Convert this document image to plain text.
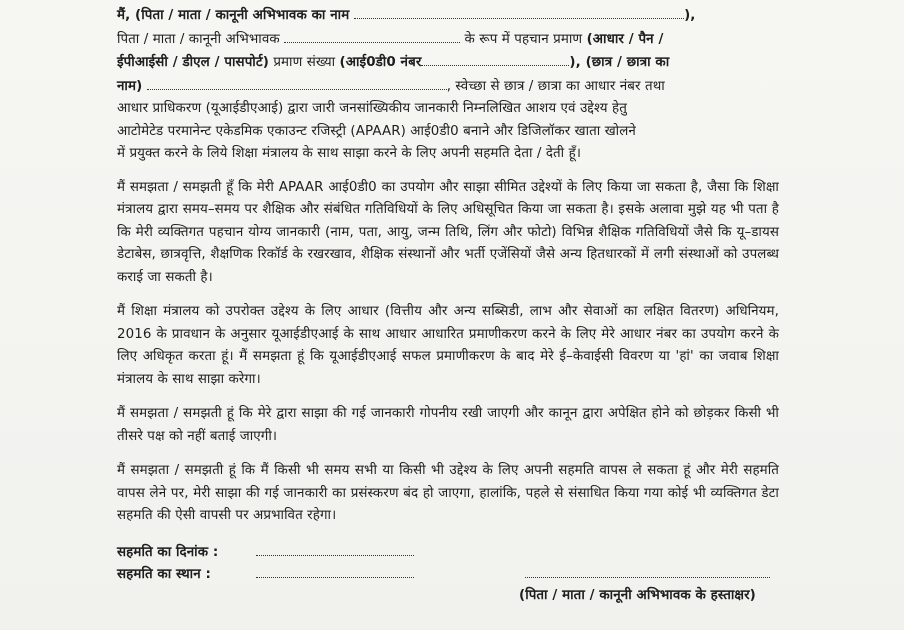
मैं, (पिता / माता / कानूनी अभिभावक का नाम	),
पिता / माता / कानूनी अभिभावक	के रूप में पहचान प्रमाण (आधार / पैन /
ईपीआईसी / डीएल / पासपोर्ट) प्रमाण संख्या (आई0डी0 नंबर	), (छात्र / छात्रा का
नाम)	, स्वेच्छा से छात्र / छात्रा का आधार नंबर तथा
आधार प्राधिकरण (यूआईडीएआई) द्वारा जारी जनसांख्यिकीय जानकारी निम्नलिखित आशय एवं उद्देश्य हेतु
आटोमेटेड परमानेन्ट एकेडमिक एकाउन्ट रजिस्ट्री (APAAR) आई0डी0 बनाने और डिजिलॉकर खाता खोलने
में प्रयुक्त करने के लिये शिक्षा मंत्रालय के साथ साझा करने के लिए अपनी सहमति देता / देती हूँ।
मैं समझता / समझती हूँ कि मेरी APAAR आई0डी0 का उपयोग और साझा सीमित उद्देश्यों के लिए किया जा सकता है, जैसा कि शिक्षा मंत्रालय द्वारा समय–समय पर शैक्षिक और संबंधित गतिविधियों के लिए अधिसूचित किया जा सकता है। इसके अलावा मुझे यह भी पता है कि मेरी व्यक्तिगत पहचान योग्य जानकारी (नाम, पता, आयु, जन्म तिथि, लिंग और फोटो) विभिन्न शैक्षिक गतिविधियों जैसे कि यू–डायस डेटाबेस, छात्रवृत्ति, शैक्षणिक रिकॉर्ड के रखरखाव, शैक्षिक संस्थानों और भर्ती एजेंसियों जैसे अन्य हितधारकों में लगी संस्थाओं को उपलब्ध कराई जा सकती है।
मैं शिक्षा मंत्रालय को उपरोक्त उद्देश्य के लिए आधार (वित्तीय और अन्य सब्सिडी, लाभ और सेवाओं का लक्षित वितरण) अधिनियम, 2016 के प्रावधान के अनुसार यूआईडीएआई के साथ आधार आधारित प्रमाणीकरण करने के लिए मेरे आधार नंबर का उपयोग करने के लिए अधिकृत करता हूं। मैं समझता हूं कि यूआईडीएआई सफल प्रमाणीकरण के बाद मेरे ई–केवाईसी विवरण या 'हां' का जवाब शिक्षा मंत्रालय के साथ साझा करेगा।
मैं समझता / समझती हूं कि मेरे द्वारा साझा की गई जानकारी गोपनीय रखी जाएगी और कानून द्वारा अपेक्षित होने को छोड़कर किसी भी तीसरे पक्ष को नहीं बताई जाएगी।
मैं समझता / समझती हूं कि मैं किसी भी समय सभी या किसी भी उद्देश्य के लिए अपनी सहमति वापस ले सकता हूं और मेरी सहमति वापस लेने पर, मेरी साझा की गई जानकारी का प्रसंस्करण बंद हो जाएगा, हालांकि, पहले से संसाधित किया गया कोई भी व्यक्तिगत डेटा सहमति की ऐसी वापसी पर अप्रभावित रहेगा।
सहमति का दिनांक :
सहमति का स्थान :
(पिता / माता / कानूनी अभिभावक के हस्ताक्षर)
